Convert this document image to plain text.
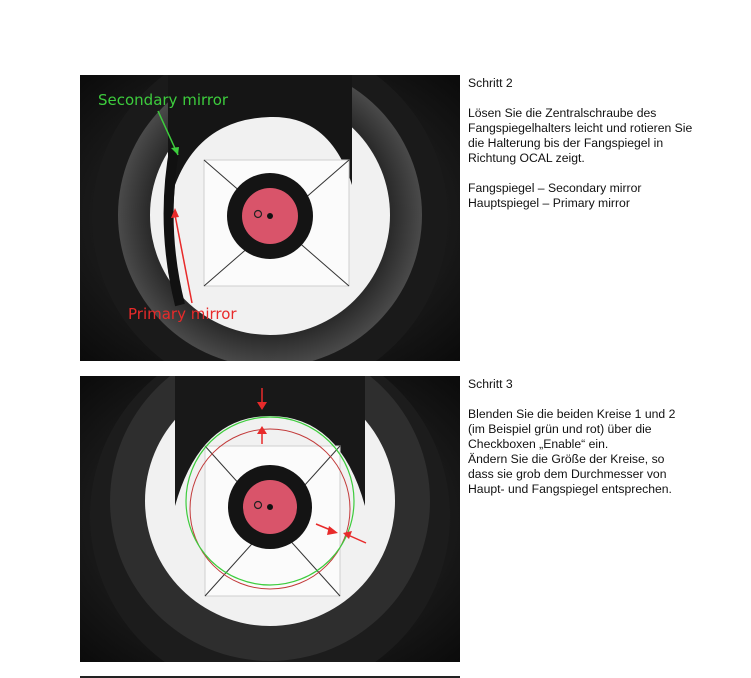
Secondary mirror
Primary mirror

Schritt 2

Lösen Sie die Zentralschraube des
Fangspiegelhalters leicht und rotieren Sie
die Halterung bis der Fangspiegel in
Richtung OCAL zeigt.

Fangspiegel – Secondary mirror
Hauptspiegel – Primary mirror

Schritt 3

Blenden Sie die beiden Kreise 1 und 2
(im Beispiel grün und rot) über die
Checkboxen „Enable“ ein.
Ändern Sie die Größe der Kreise, so
dass sie grob dem Durchmesser von
Haupt- und Fangspiegel entsprechen.
